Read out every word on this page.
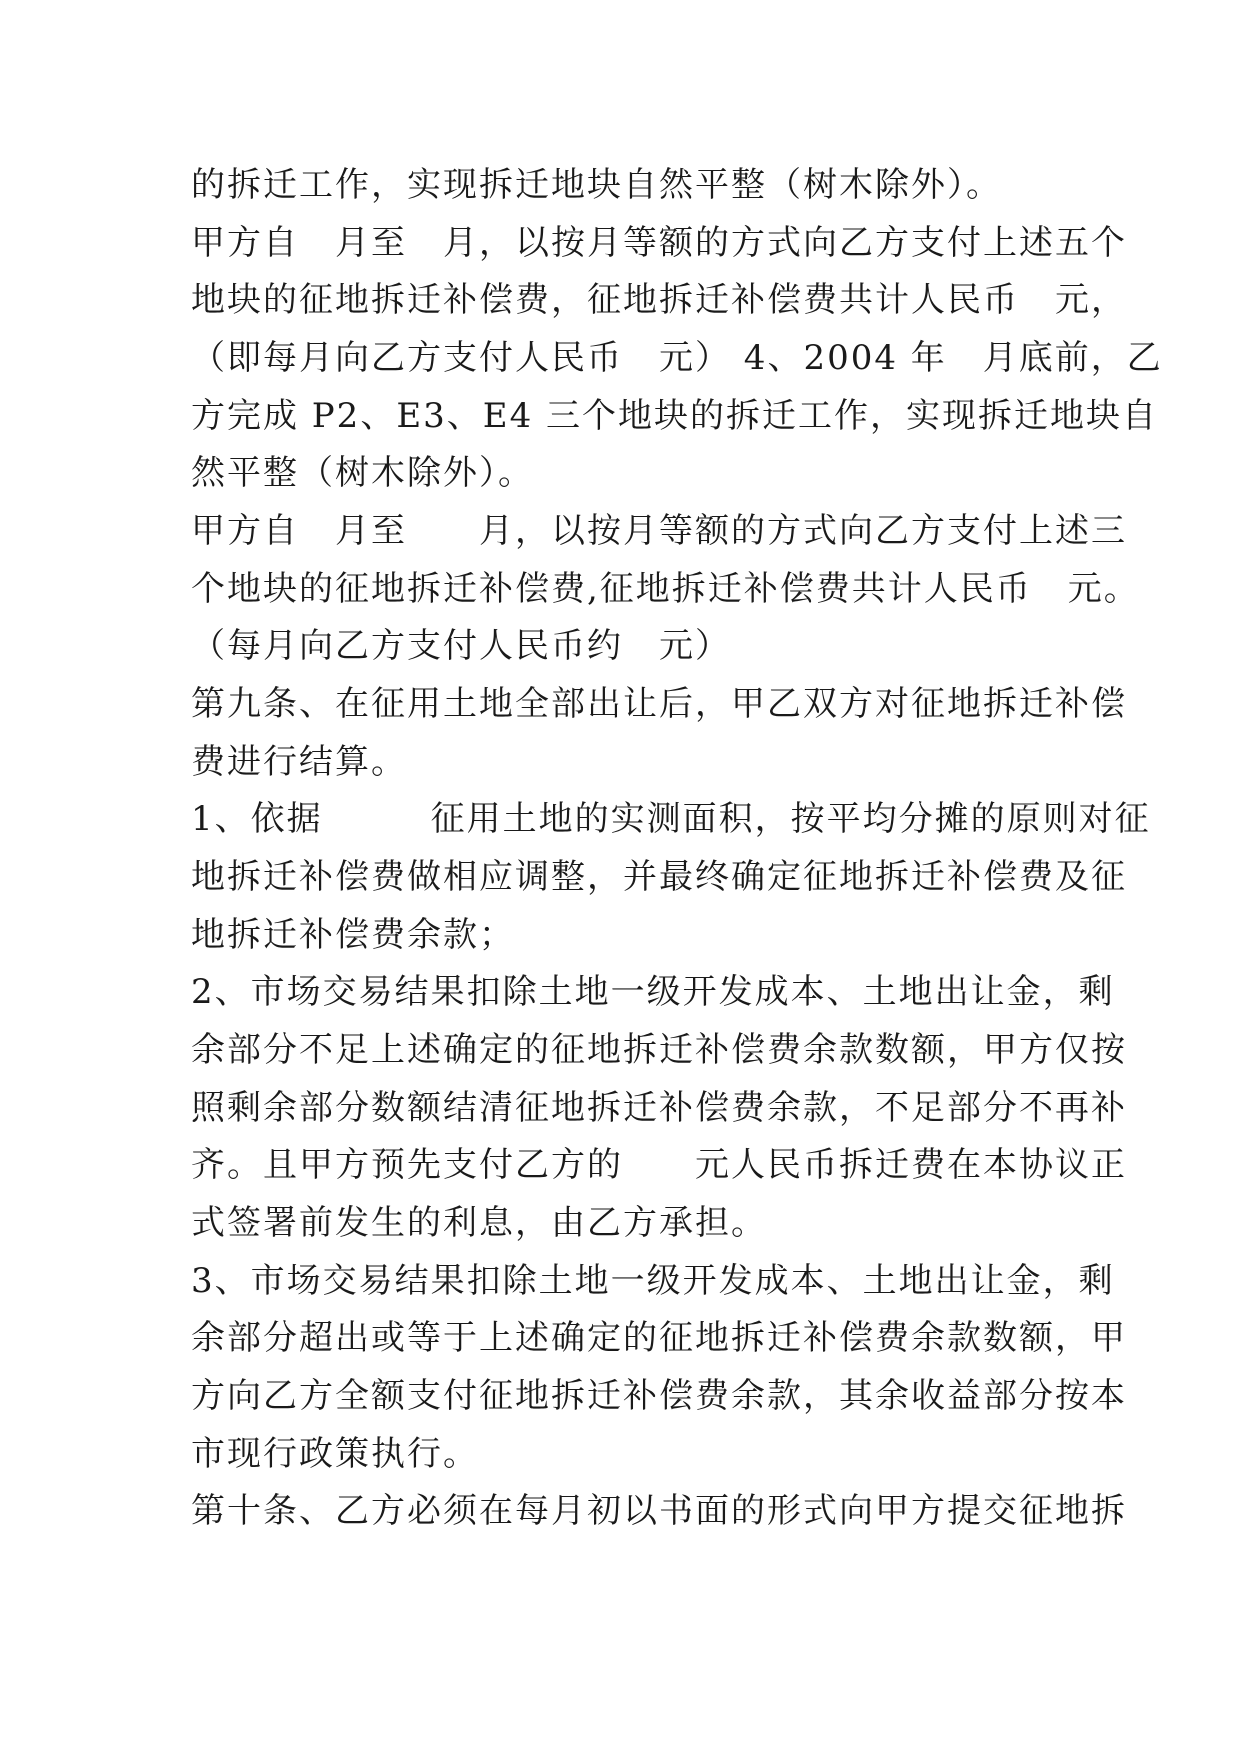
的拆迁工作，实现拆迁地块自然平整（树木除外）。
甲方自　月至　月，以按月等额的方式向乙方支付上述五个
地块的征地拆迁补偿费，征地拆迁补偿费共计人民币　元，
（即每月向乙方支付人民币　元） 4、2004 年　月底前，乙
方完成 P2、E3、E4 三个地块的拆迁工作，实现拆迁地块自
然平整（树木除外）。
甲方自　月至　　月，以按月等额的方式向乙方支付上述三
个地块的征地拆迁补偿费,征地拆迁补偿费共计人民币　元。
（每月向乙方支付人民币约　元）
第九条、在征用土地全部出让后，甲乙双方对征地拆迁补偿
费进行结算。
1、依据　　　征用土地的实测面积，按平均分摊的原则对征
地拆迁补偿费做相应调整，并最终确定征地拆迁补偿费及征
地拆迁补偿费余款；
2、市场交易结果扣除土地一级开发成本、土地出让金，剩
余部分不足上述确定的征地拆迁补偿费余款数额，甲方仅按
照剩余部分数额结清征地拆迁补偿费余款，不足部分不再补
齐。且甲方预先支付乙方的　　元人民币拆迁费在本协议正
式签署前发生的利息，由乙方承担。
3、市场交易结果扣除土地一级开发成本、土地出让金，剩
余部分超出或等于上述确定的征地拆迁补偿费余款数额，甲
方向乙方全额支付征地拆迁补偿费余款，其余收益部分按本
市现行政策执行。
第十条、乙方必须在每月初以书面的形式向甲方提交征地拆
